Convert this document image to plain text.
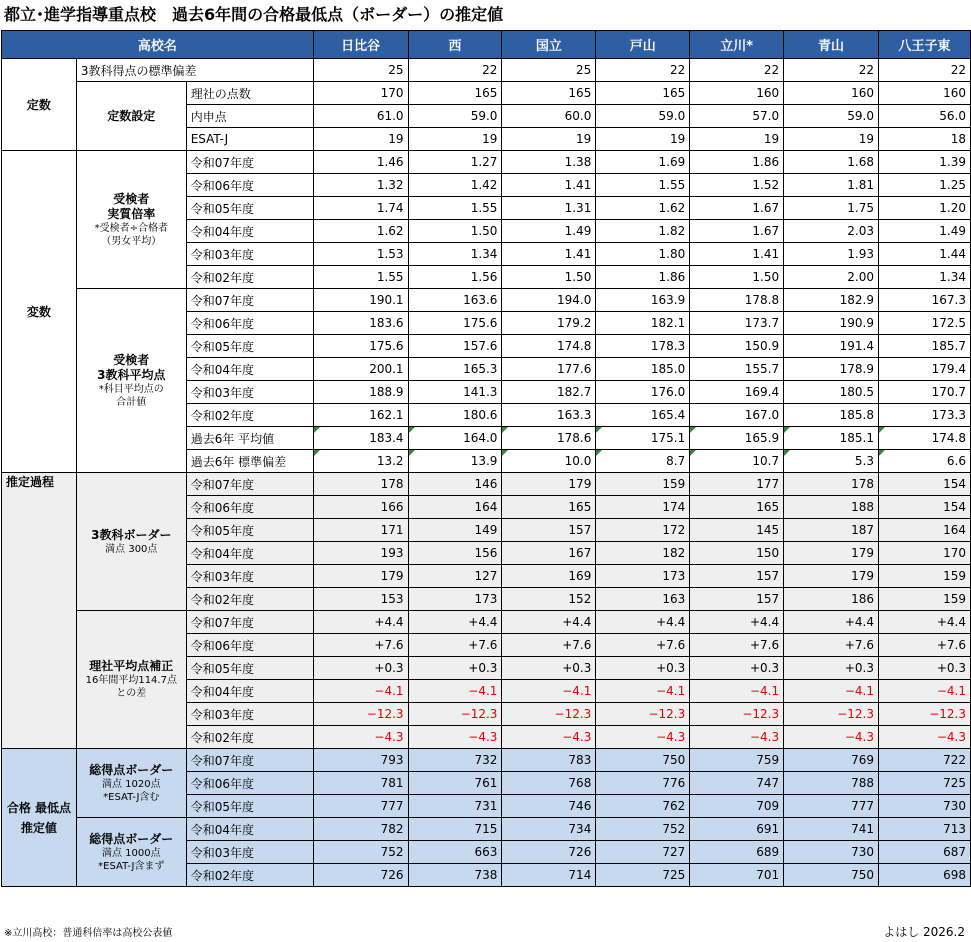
都立･進学指導重点校　過去6年間の合格最低点（ボーダー）の推定値
高校名			日比谷	西	国立	戸山	立川*	青山	八王子東
定数	3教科得点の標準偏差		25	22	25	22	22	22	22

	定数設定	理社の点数	170	165	165	165	160	160	160
		内申点	61.0	59.0	60.0	59.0	57.0	59.0	56.0
		ESAT-J	19	19	19	19	19	19	18
変数	受検者
実質倍率
*受検者÷合格者
（男女平均）	令和07年度	1.46	1.27	1.38	1.69	1.86	1.68	1.39
		令和06年度	1.32	1.42	1.41	1.55	1.52	1.81	1.25
		令和05年度	1.74	1.55	1.31	1.62	1.67	1.75	1.20
		令和04年度	1.62	1.50	1.49	1.82	1.67	2.03	1.49
		令和03年度	1.53	1.34	1.41	1.80	1.41	1.93	1.44
		令和02年度	1.55	1.56	1.50	1.86	1.50	2.00	1.34

	受検者
3教科平均点
*科目平均点の
合計値	令和07年度	190.1	163.6	194.0	163.9	178.8	182.9	167.3
		令和06年度	183.6	175.6	179.2	182.1	173.7	190.9	172.5
		令和05年度	175.6	157.6	174.8	178.3	150.9	191.4	185.7
		令和04年度	200.1	165.3	177.6	185.0	155.7	178.9	179.4
		令和03年度	188.9	141.3	182.7	176.0	169.4	180.5	170.7
		令和02年度	162.1	180.6	163.3	165.4	167.0	185.8	173.3
		過去6年 平均値	183.4	164.0	178.6	175.1	165.9	185.1	174.8
		過去6年 標準偏差	13.2	13.9	10.0	8.7	10.7	5.3	6.6
推定過程	3教科ボーダー
満点 300点	令和07年度	178	146	179	159	177	178	154
		令和06年度	166	164	165	174	165	188	154
		令和05年度	171	149	157	172	145	187	164
		令和04年度	193	156	167	182	150	179	170
		令和03年度	179	127	169	173	157	179	159
		令和02年度	153	173	152	163	157	186	159

	理社平均点補正
16年間平均114.7点
との差	令和07年度	+4.4	+4.4	+4.4	+4.4	+4.4	+4.4	+4.4
		令和06年度	+7.6	+7.6	+7.6	+7.6	+7.6	+7.6	+7.6
		令和05年度	+0.3	+0.3	+0.3	+0.3	+0.3	+0.3	+0.3
		令和04年度	−4.1	−4.1	−4.1	−4.1	−4.1	−4.1	−4.1
		令和03年度	−12.3	−12.3	−12.3	−12.3	−12.3	−12.3	−12.3
		令和02年度	−4.3	−4.3	−4.3	−4.3	−4.3	−4.3	−4.3
合格 最低点 推定値	総得点ボーダー
満点 1020点
*ESAT-J含む	令和07年度	793	732	783	750	759	769	722
		令和06年度	781	761	768	776	747	788	725
		令和05年度	777	731	746	762	709	777	730

	総得点ボーダー
満点 1000点
*ESAT-J含まず	令和04年度	782	715	734	752	691	741	713
		令和03年度	752	663	726	727	689	730	687
		令和02年度	726	738	714	725	701	750	698
※立川高校：普通科倍率は高校公表値	よはし 2026.2
